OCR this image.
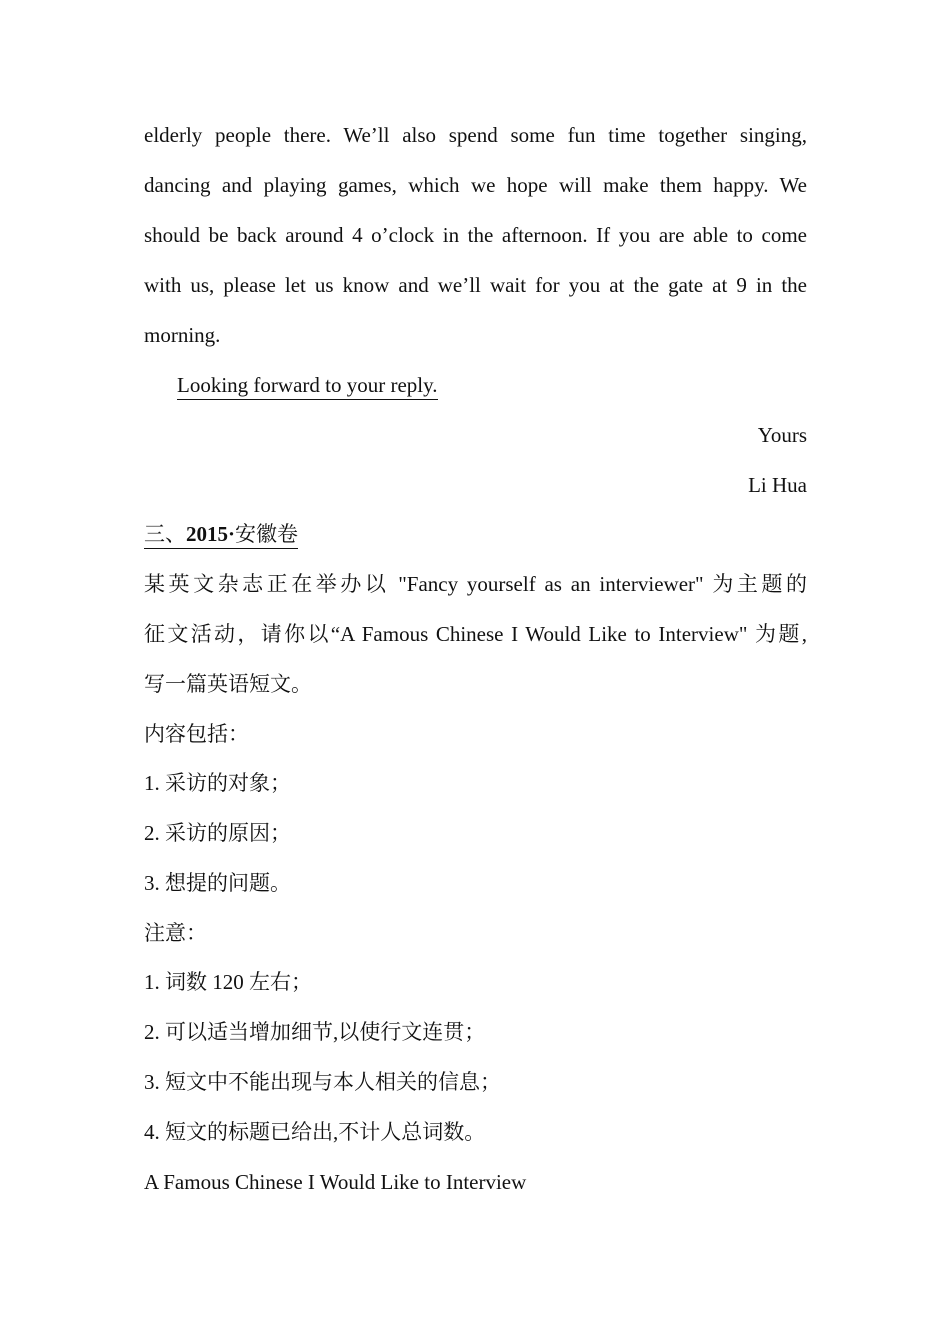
elderly people there. We’ll also spend some fun time together singing,
dancing and playing games, which we hope will make them happy. We
should be back around 4 o’clock in the afternoon. If you are able to come
with us, please let us know and we’ll wait for you at the gate at 9 in the
morning.
Looking forward to your reply.
Yours
Li Hua
三、2015·安徽卷
某英文杂志正在举办以 "Fancy yourself as an interviewer" 为主题的
征文活动，请你以“A Famous Chinese I Would Like to Interview" 为题,
写一篇英语短文。
内容包括：
1. 采访的对象；
2. 采访的原因；
3. 想提的问题。
注意：
1. 词数 120 左右；
2. 可以适当增加细节,以使行文连贯；
3. 短文中不能出现与本人相关的信息；
4. 短文的标题已给出,不计人总词数。
A Famous Chinese I Would Like to Interview
